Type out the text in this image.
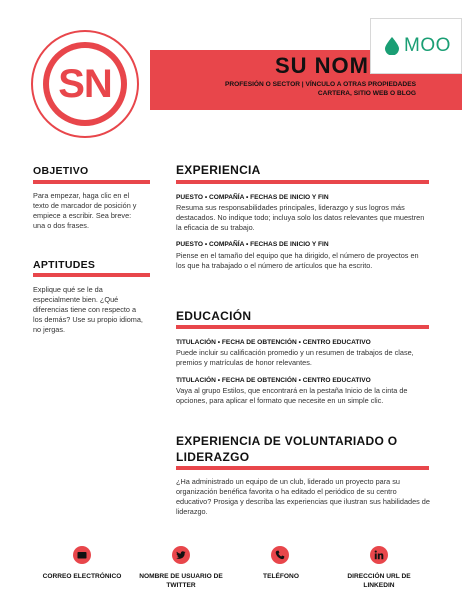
SN	SU NOM
PROFESIÓN O SECTOR | VÍNCULO A OTRAS PROPIEDADES
CARTERA, SITIO WEB O BLOG
MOO
OBJETIVO
Para empezar, haga clic en el texto de marcador de posición y empiece a escribir. Sea breve: una o dos frases.
APTITUDES
Explique qué se le da especialmente bien. ¿Qué diferencias tiene con respecto a los demás? Use su propio idioma, no jergas.
EXPERIENCIA
PUESTO • COMPAÑÍA • FECHAS DE INICIO Y FIN
Resuma sus responsabilidades principales, liderazgo y sus logros más destacados. No indique todo; incluya solo los datos relevantes que muestren la eficacia de su trabajo.
PUESTO • COMPAÑÍA • FECHAS DE INICIO Y FIN
Piense en el tamaño del equipo que ha dirigido, el número de proyectos en los que ha trabajado o el número de artículos que ha escrito.
EDUCACIÓN
TITULACIÓN • FECHA DE OBTENCIÓN • CENTRO EDUCATIVO
Puede incluir su calificación promedio y un resumen de trabajos de clase, premios y matrículas de honor relevantes.
TITULACIÓN • FECHA DE OBTENCIÓN • CENTRO EDUCATIVO
Vaya al grupo Estilos, que encontrará en la pestaña Inicio de la cinta de opciones, para aplicar el formato que necesite en un simple clic.
EXPERIENCIA DE VOLUNTARIADO O
LIDERAZGO
¿Ha administrado un equipo de un club, liderado un proyecto para su organización benéfica favorita o ha editado el periódico de su centro educativo? Prosiga y describa las experiencias que ilustran sus habilidades de liderazgo.
CORREO ELECTRÓNICO	NOMBRE DE USUARIO DE
TWITTER
TELÉFONO	DIRECCIÓN URL DE
LINKEDIN
